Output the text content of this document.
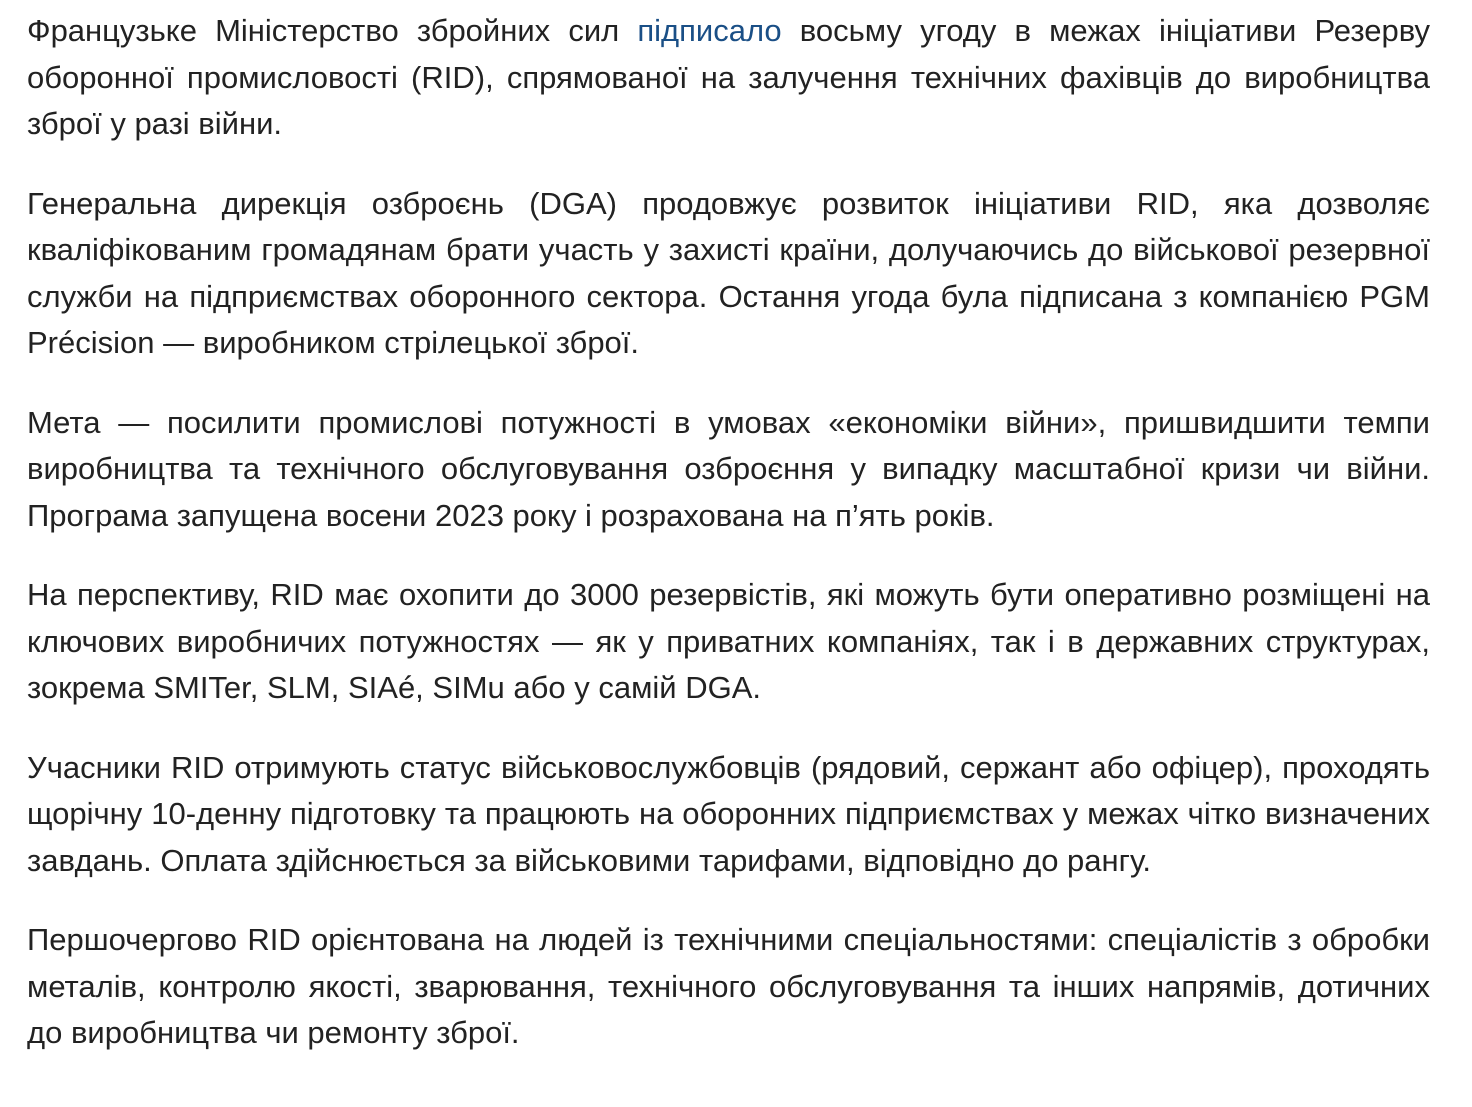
Французьке Міністерство збройних сил підписало восьму угоду в межах ініціативи Резерву оборонної промисловості (RID), спрямованої на залучення технічних фахівців до виробництва зброї у разі війни.

Генеральна дирекція озброєнь (DGA) продовжує розвиток ініціативи RID, яка дозволяє кваліфікованим громадянам брати участь у захисті країни, долучаючись до військової резервної служби на підприємствах оборонного сектора. Остання угода була підписана з компанією PGM Précision — виробником стрілецької зброї.

Мета — посилити промислові потужності в умовах «економіки війни», пришвидшити темпи виробництва та технічного обслуговування озброєння у випадку масштабної кризи чи війни. Програма запущена восени 2023 року і розрахована на п’ять років.

На перспективу, RID має охопити до 3000 резервістів, які можуть бути оперативно розміщені на ключових виробничих потужностях — як у приватних компаніях, так і в державних структурах, зокрема SMITer, SLM, SIAé, SIMu або у самій DGA.

Учасники RID отримують статус військовослужбовців (рядовий, сержант або офіцер), проходять щорічну 10-денну підготовку та працюють на оборонних підприємствах у межах чітко визначених завдань. Оплата здійснюється за військовими тарифами, відповідно до рангу.

Першочергово RID орієнтована на людей із технічними спеціальностями: спеціалістів з обробки металів, контролю якості, зварювання, технічного обслуговування та інших напрямів, дотичних до виробництва чи ремонту зброї.
